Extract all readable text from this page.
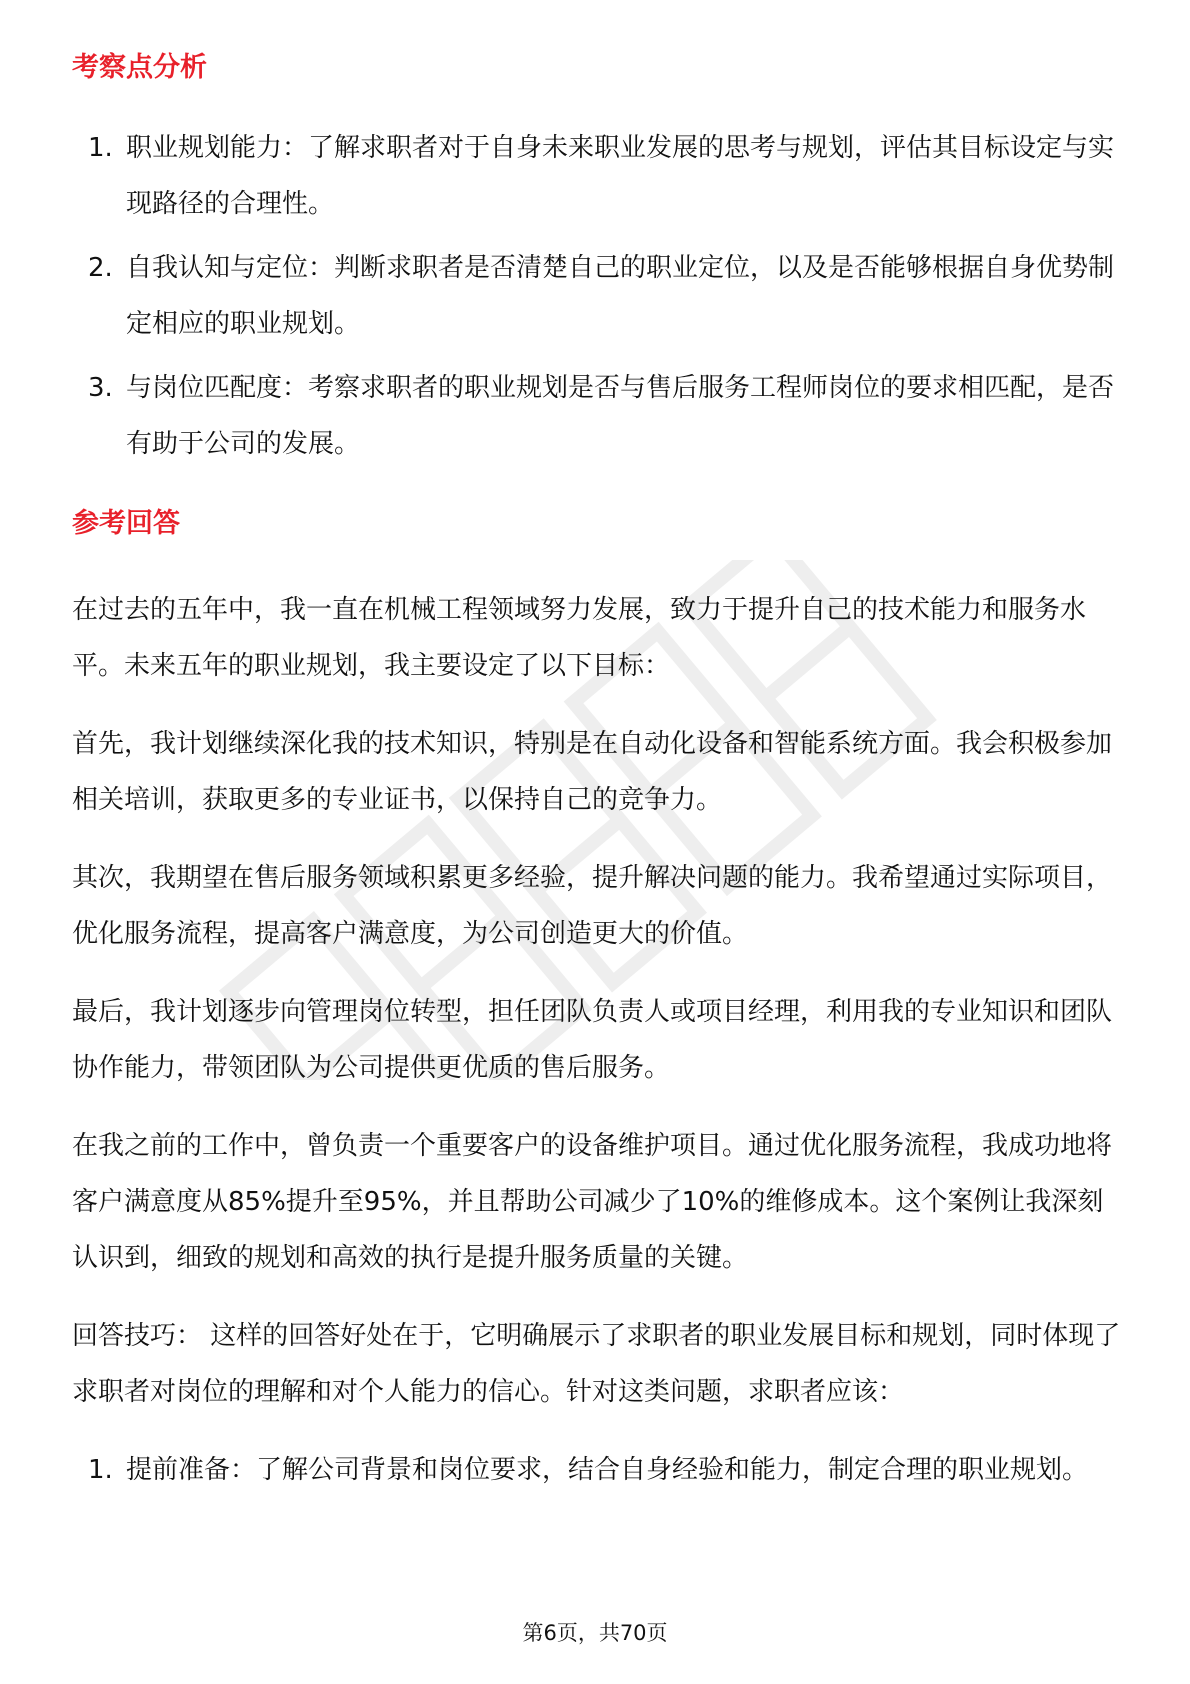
考察点分析
1. 职业规划能力：了解求职者对于自身未来职业发展的思考与规划，评估其目标设定与实现路径的合理性。
2. 自我认知与定位：判断求职者是否清楚自己的职业定位，以及是否能够根据自身优势制定相应的职业规划。
3. 与岗位匹配度：考察求职者的职业规划是否与售后服务工程师岗位的要求相匹配，是否有助于公司的发展。
参考回答

在过去的五年中，我一直在机械工程领域努力发展，致力于提升自己的技术能力和服务水平。未来五年的职业规划，我主要设定了以下目标：

首先，我计划继续深化我的技术知识，特别是在自动化设备和智能系统方面。我会积极参加相关培训，获取更多的专业证书，以保持自己的竞争力。

其次，我期望在售后服务领域积累更多经验，提升解决问题的能力。我希望通过实际项目，优化服务流程，提高客户满意度，为公司创造更大的价值。

最后，我计划逐步向管理岗位转型，担任团队负责人或项目经理，利用我的专业知识和团队协作能力，带领团队为公司提供更优质的售后服务。

在我之前的工作中，曾负责一个重要客户的设备维护项目。通过优化服务流程，我成功地将客户满意度从85%提升至95%，并且帮助公司减少了10%的维修成本。这个案例让我深刻认识到，细致的规划和高效的执行是提升服务质量的关键。

回答技巧： 这样的回答好处在于，它明确展示了求职者的职业发展目标和规划，同时体现了求职者对岗位的理解和对个人能力的信心。针对这类问题，求职者应该：

1. 提前准备：了解公司背景和岗位要求，结合自身经验和能力，制定合理的职业规划。
第6页，共70页
